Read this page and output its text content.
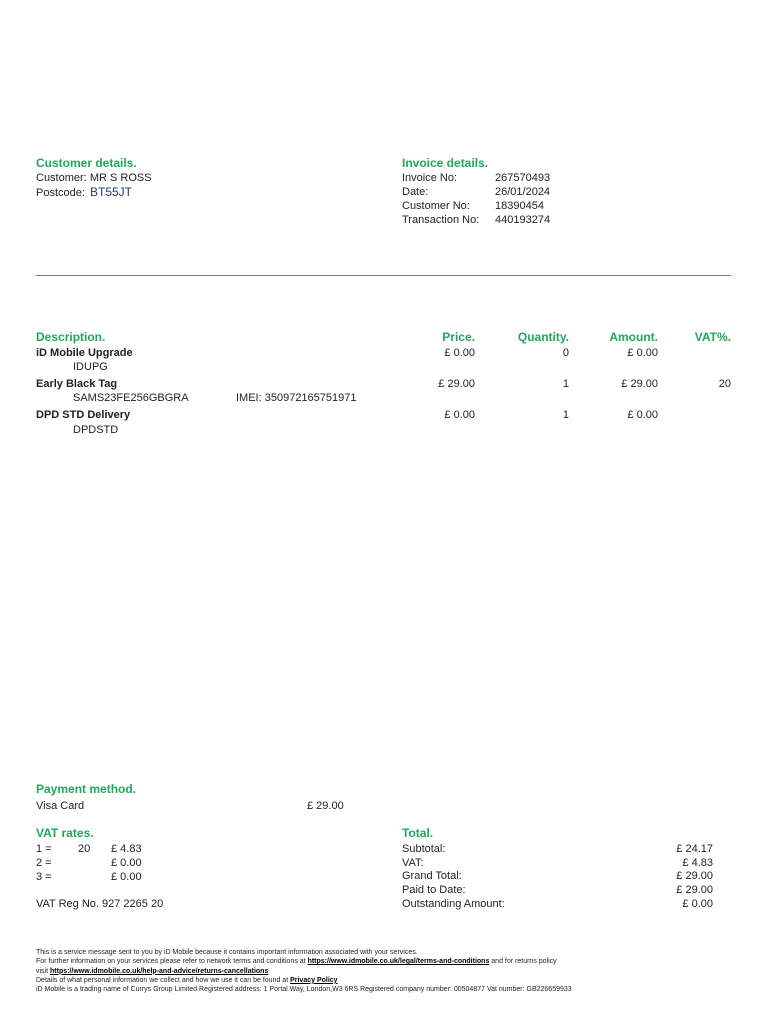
Customer details.
Customer: MR S ROSS
Postcode: BT55JT
Invoice details.
Invoice No:	267570493
Date:	26/01/2024
Customer No: 18390454
Transaction No: 440193274
Description.	Price.	Quantity.	Amount.	VAT%.
iD Mobile Upgrade	£ 0.00	0	£ 0.00
IDUPG
Early Black Tag	£ 29.00	1	£ 29.00	20
SAMS23FE256GBGRA	IMEI: 350972165751971
DPD STD Delivery	£ 0.00	1	£ 0.00
DPDSTD
Payment method.
Visa Card	£ 29.00
VAT rates.
1 = 20 £ 4.83
2 =	£ 0.00
3 =	£ 0.00
VAT Reg No. 927 2265 20
Total.
Subtotal:	£ 24.17
VAT:	£ 4.83
Grand Total:	£ 29.00
Paid to Date:	£ 29.00
Outstanding Amount:	£ 0.00
This is a service message sent to you by iD Mobile because it contains important information associated with your services.
For further information on your services please refer to network terms and conditions at https://www.idmobile.co.uk/legal/terms-and-conditions and for returns policy
visit https://www.idmobile.co.uk/help-and-advice/returns-cancellations
Details of what personal information we collect and how we use it can be found at Privacy Policy
iD Mobile is a trading name of Currys Group Limited Registered address: 1 Portal Way, London,W3 6RS Registered company number: 00504877 Vat number: GB226659933
